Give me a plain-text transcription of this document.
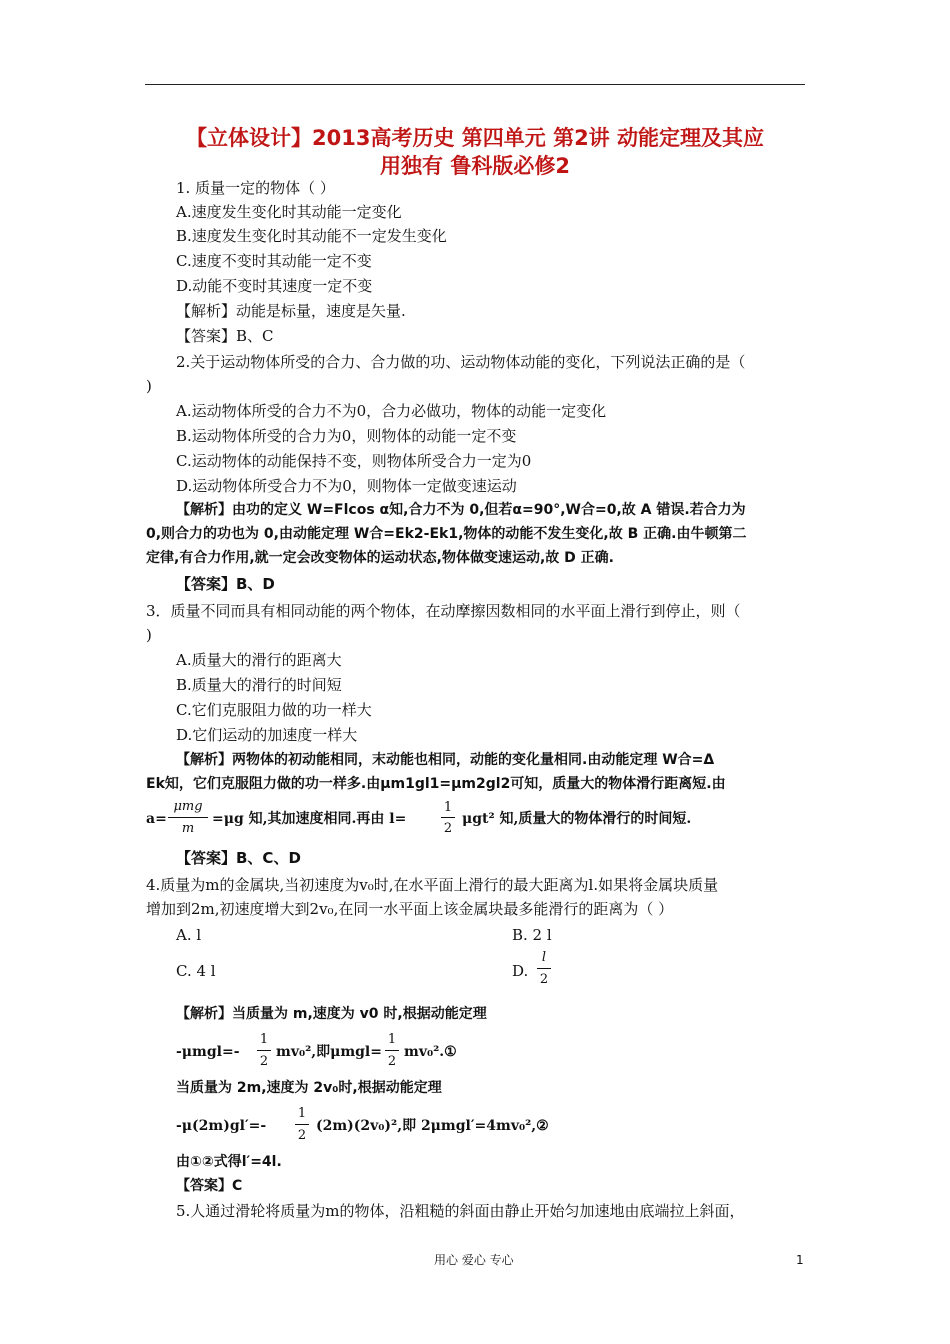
【立体设计】2013高考历史 第四单元 第2讲 动能定理及其应
用独有 鲁科版必修2
1. 质量一定的物体（ ）
A.速度发生变化时其动能一定变化
B.速度发生变化时其动能不一定发生变化
C.速度不变时其动能一定不变
D.动能不变时其速度一定不变
【解析】动能是标量，速度是矢量.
【答案】B、C
2.关于运动物体所受的合力、合力做的功、运动物体动能的变化，下列说法正确的是（
)
A.运动物体所受的合力不为0，合力必做功，物体的动能一定变化
B.运动物体所受的合力为0，则物体的动能一定不变
C.运动物体的动能保持不变，则物体所受合力一定为0
D.运动物体所受合力不为0，则物体一定做变速运动
【解析】由功的定义 W=Flcos α知,合力不为 0,但若α=90°,W合=0,故 A 错误.若合力为
0,则合力的功也为 0,由动能定理 W合=Ek2-Ek1,物体的动能不发生变化,故 B 正确.由牛顿第二
定律,有合力作用,就一定会改变物体的运动状态,物体做变速运动,故 D 正确.
【答案】B、D
3．质量不同而具有相同动能的两个物体，在动摩擦因数相同的水平面上滑行到停止，则（
)
A.质量大的滑行的距离大
B.质量大的滑行的时间短
C.它们克服阻力做的功一样大
D.它们运动的加速度一样大
【解析】两物体的初动能相同，末动能也相同，动能的变化量相同.由动能定理 W合=Δ
Ek知，它们克服阻力做的功一样多.由μm1gl1=μm2gl2可知，质量大的物体滑行距离短.由
a=
μmg
m
=μg 知,其加速度相同.再由 l=
1
2
μgt² 知,质量大的物体滑行的时间短.
【答案】B、C、D
4.质量为m的金属块,当初速度为v₀时,在水平面上滑行的最大距离为l.如果将金属块质量
增加到2m,初速度增大到2v₀,在同一水平面上该金属块最多能滑行的距离为（ ）
A. l	B. 2 l
C. 4 l	D.
l
2
【解析】当质量为 m,速度为 v0 时,根据动能定理
-μmgl=-
1
2
mv₀²,即μmgl=
1
2
mv₀².①
当质量为 2m,速度为 2v₀时,根据动能定理
-μ(2m)gl′=-
1
2
(2m)(2v₀)²,即 2μmgl′=4mv₀²,②
由①②式得l′=4l.
【答案】C
5.人通过滑轮将质量为m的物体，沿粗糙的斜面由静止开始匀加速地由底端拉上斜面，
用心 爱心 专心	1
